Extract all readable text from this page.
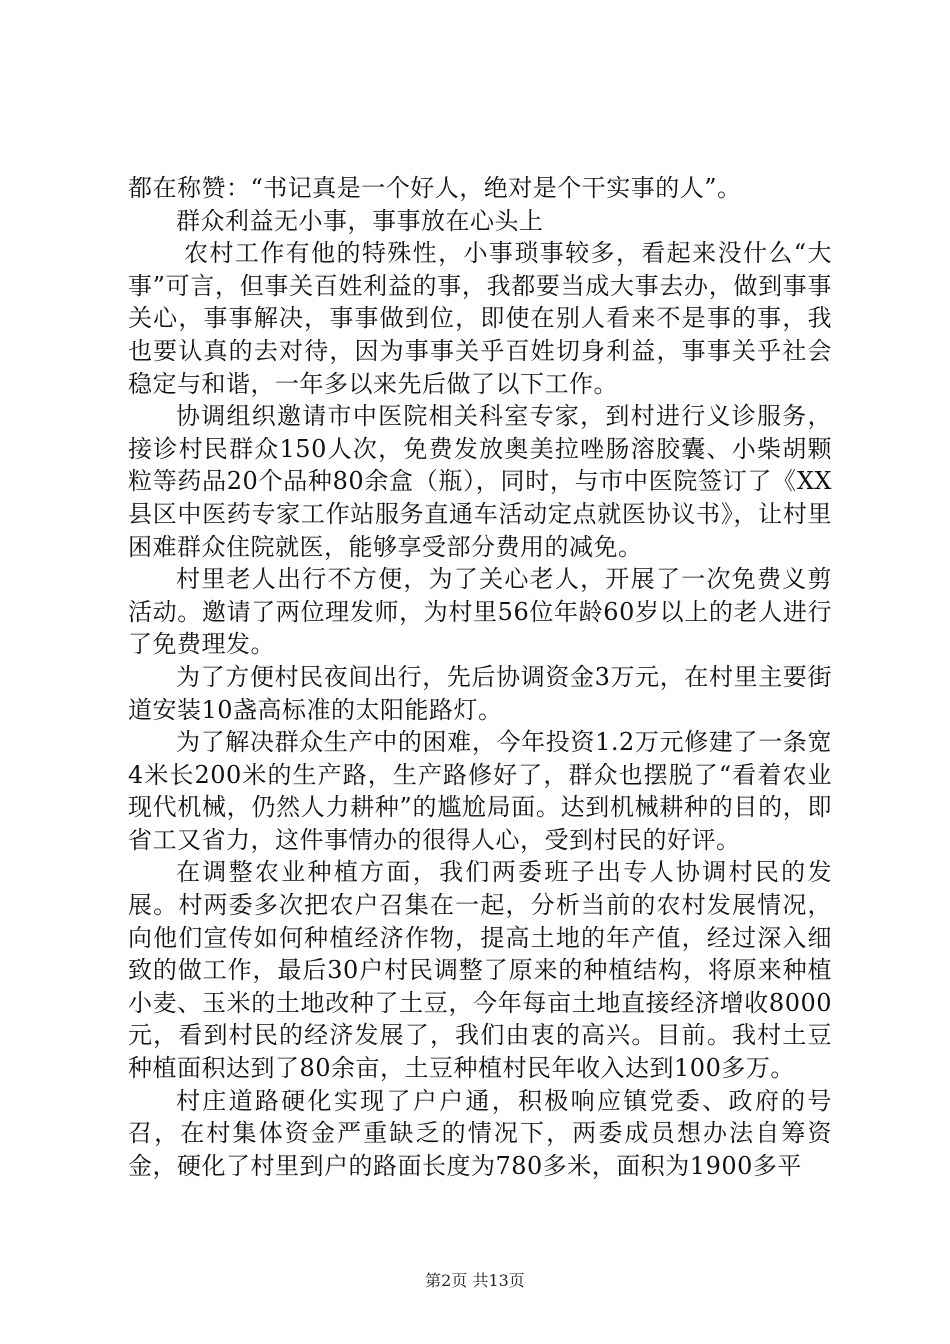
都在称赞：“书记真是一个好人，绝对是个干实事的人”。

群众利益无小事，事事放在心头上

农村工作有他的特殊性，小事琐事较多，看起来没什么“大事”可言，但事关百姓利益的事，我都要当成大事去办，做到事事关心，事事解决，事事做到位，即使在别人看来不是事的事，我也要认真的去对待，因为事事关乎百姓切身利益，事事关乎社会稳定与和谐，一年多以来先后做了以下工作。

协调组织邀请市中医院相关科室专家，到村进行义诊服务，接诊村民群众150人次，免费发放奥美拉唑肠溶胶囊、小柴胡颗粒等药品20个品种80余盒（瓶），同时，与市中医院签订了《XX县区中医药专家工作站服务直通车活动定点就医协议书》，让村里困难群众住院就医，能够享受部分费用的减免。

村里老人出行不方便，为了关心老人，开展了一次免费义剪活动。邀请了两位理发师，为村里56位年龄60岁以上的老人进行了免费理发。

为了方便村民夜间出行，先后协调资金3万元，在村里主要街道安装10盏高标准的太阳能路灯。

为了解决群众生产中的困难，今年投资1.2万元修建了一条宽4米长200米的生产路，生产路修好了，群众也摆脱了“看着农业现代机械，仍然人力耕种”的尴尬局面。达到机械耕种的目的，即省工又省力，这件事情办的很得人心，受到村民的好评。

在调整农业种植方面，我们两委班子出专人协调村民的发展。村两委多次把农户召集在一起，分析当前的农村发展情况，向他们宣传如何种植经济作物，提高土地的年产值，经过深入细致的做工作，最后30户村民调整了原来的种植结构，将原来种植小麦、玉米的土地改种了土豆，今年每亩土地直接经济增收8000元，看到村民的经济发展了，我们由衷的高兴。目前。我村土豆种植面积达到了80余亩，土豆种植村民年收入达到100多万。

村庄道路硬化实现了户户通，积极响应镇党委、政府的号召，在村集体资金严重缺乏的情况下，两委成员想办法自筹资金，硬化了村里到户的路面长度为780多米，面积为1900多平

第2页 共13页
